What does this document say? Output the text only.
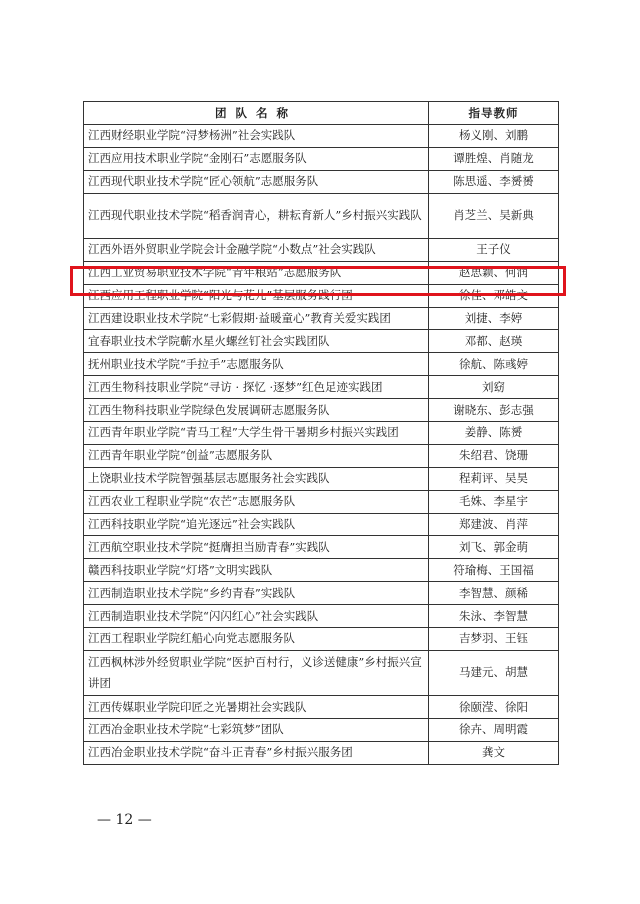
团队名称	指导教师
江西财经职业学院“浔梦杨洲”社会实践队	杨义刚、刘鹏
江西应用技术职业学院“金刚石”志愿服务队	谭胜煌、肖随龙
江西现代职业技术学院“匠心领航”志愿服务队	陈思遥、李赟赟
江西现代职业技术学院“稻香润青心，耕耘育新人”乡村振兴实践队	肖芝兰、吴新典
江西外语外贸职业学院会计金融学院“小数点”社会实践队	王子仪
江西工业贸易职业技术学院“青年粮站”志愿服务队	赵思颖、何润
江西应用工程职业学院“阳光与花儿”基层服务践行团	徐佳、邓皓文
江西建设职业技术学院“七彩假期·益暖童心”教育关爱实践团	刘捷、李婷
宜春职业技术学院蘄水星火螺丝钉社会实践团队	邓都、赵瑛
抚州职业技术学院“手拉手”志愿服务队	徐航、陈彧婷
江西生物科技职业学院“寻访 · 探忆 ·逐梦”红色足迹实践团	刘窈
江西生物科技职业学院绿色发展调研志愿服务队	谢晓东、彭志强
江西青年职业学院“青马工程”大学生骨干暑期乡村振兴实践团	姜静、陈赟
江西青年职业学院“创益”志愿服务队	朱绍君、饶珊
上饶职业技术学院智强基层志愿服务社会实践队	程莉评、吴昊
江西农业工程职业学院“农芒”志愿服务队	毛姝、李星宇
江西科技职业学院“追光逐远”社会实践队	郑建波、肖萍
江西航空职业技术学院“挺膺担当励青春”实践队	刘飞、郭金萌
赣西科技职业学院“灯塔”文明实践队	符瑜梅、王国福
江西制造职业技术学院“乡约青春”实践队	李智慧、颜稀
江西制造职业技术学院“闪闪红心”社会实践队	朱泳、李智慧
江西工程职业学院红船心向党志愿服务队	吉梦羽、王钰
江西枫林涉外经贸职业学院“医护百村行，义诊送健康”乡村振兴宣讲团	马建元、胡慧
江西传媒职业学院印匠之光暑期社会实践队	徐颐滢、徐阳
江西冶金职业技术学院“七彩筑梦”团队	徐卉、周明霞
江西冶金职业技术学院“奋斗正青春”乡村振兴服务团	龚文
— 12 —
